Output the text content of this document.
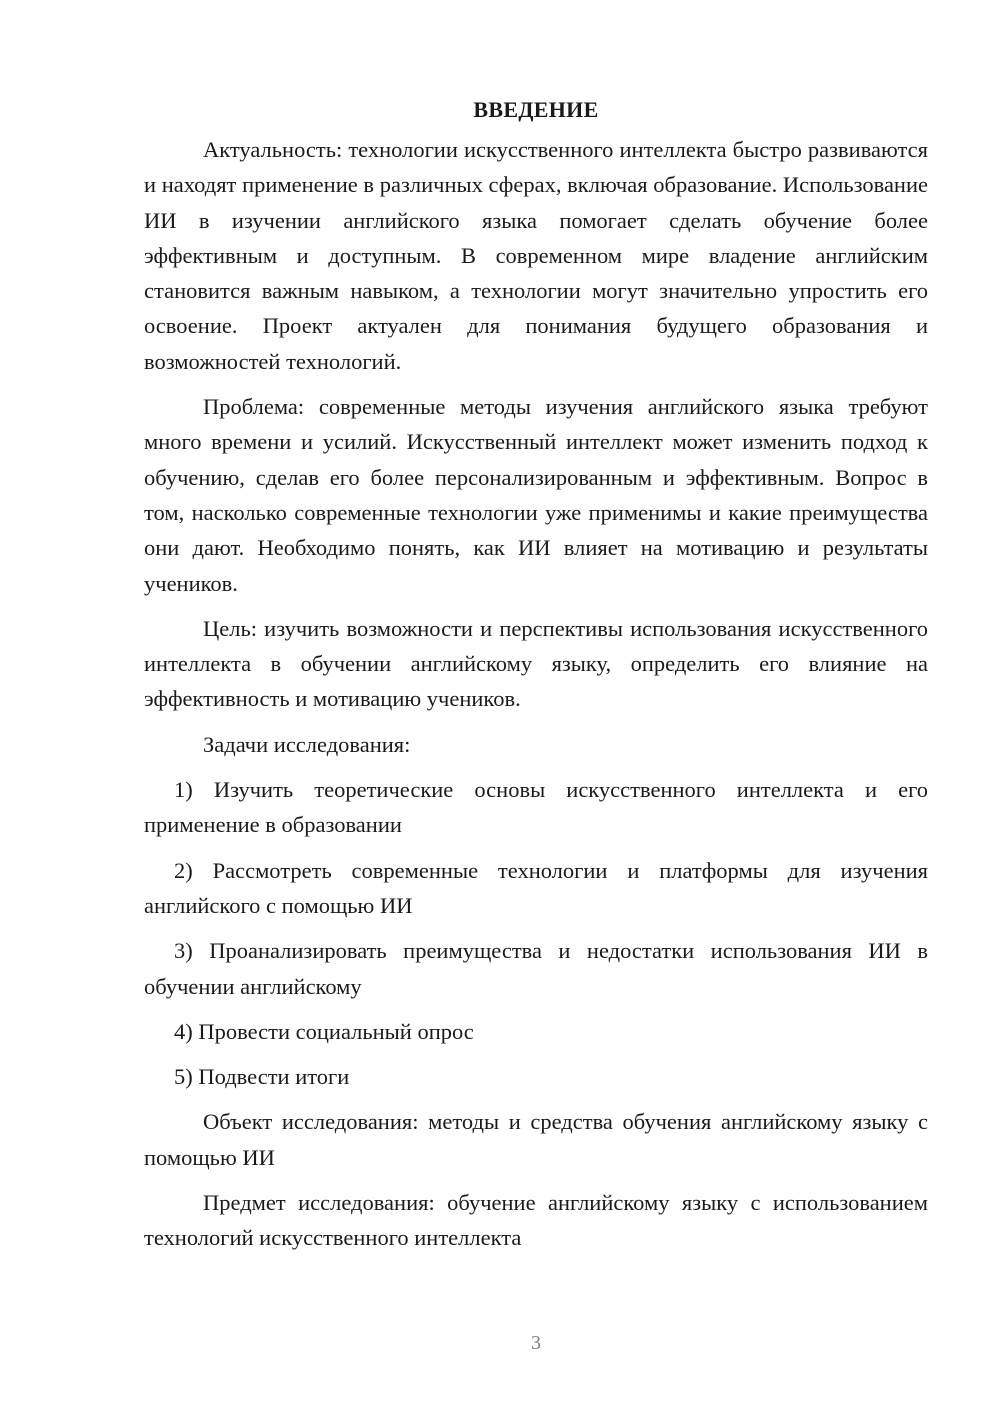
ВВЕДЕНИЕ

Актуальность: технологии искусственного интеллекта быстро развиваются и находят применение в различных сферах, включая образование. Использование ИИ в изучении английского языка помогает сделать обучение более эффективным и доступным. В современном мире владение английским становится важным навыком, а технологии могут значительно упростить его освоение. Проект актуален для понимания будущего образования и возможностей технологий.

Проблема: современные методы изучения английского языка требуют много времени и усилий. Искусственный интеллект может изменить подход к обучению, сделав его более персонализированным и эффективным. Вопрос в том, насколько современные технологии уже применимы и какие преимущества они дают. Необходимо понять, как ИИ влияет на мотивацию и результаты учеников.

Цель: изучить возможности и перспективы использования искусственного интеллекта в обучении английскому языку, определить его влияние на эффективность и мотивацию учеников.

Задачи исследования:

1) Изучить теоретические основы искусственного интеллекта и его применение в образовании

2) Рассмотреть современные технологии и платформы для изучения английского с помощью ИИ

3) Проанализировать преимущества и недостатки использования ИИ в обучении английскому

4) Провести социальный опрос

5) Подвести итоги

Объект исследования: методы и средства обучения английскому языку с помощью ИИ

Предмет исследования: обучение английскому языку с использованием технологий искусственного интеллекта

3
